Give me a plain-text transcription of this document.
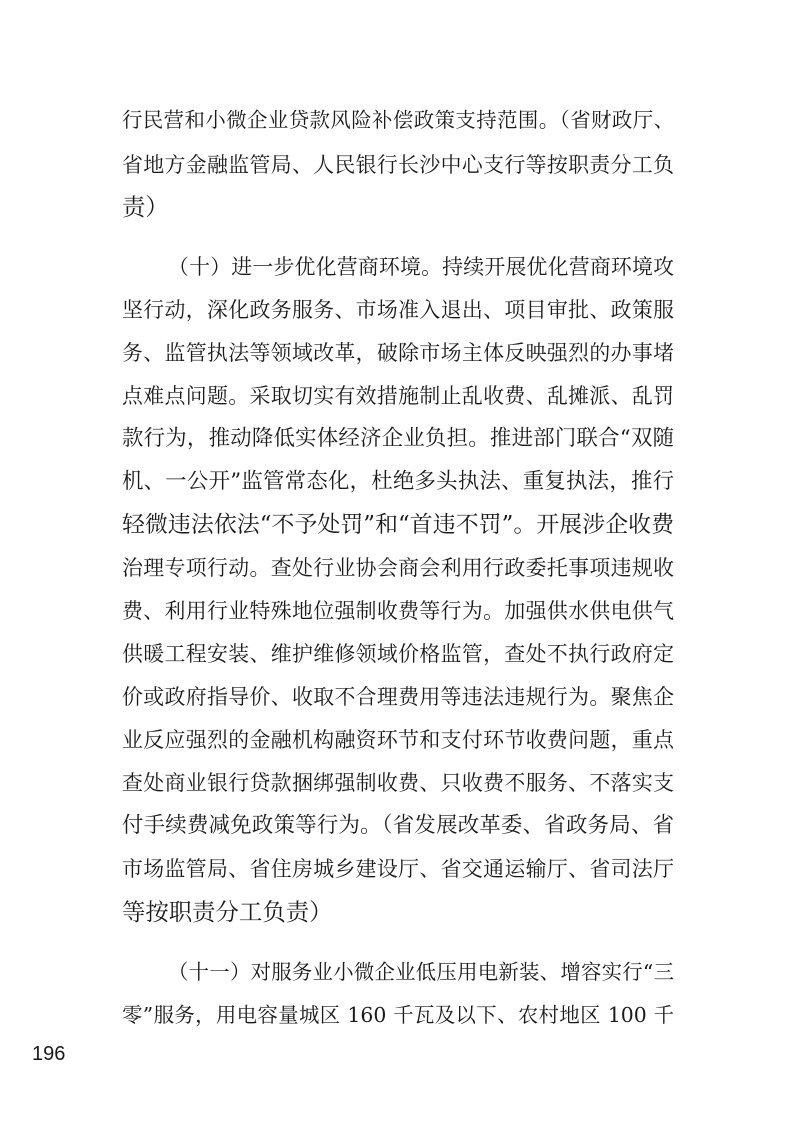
行民营和小微企业贷款风险补偿政策支持范围。（省财政厅、
省地方金融监管局、人民银行长沙中心支行等按职责分工负
责）
（十）进一步优化营商环境。持续开展优化营商环境攻
坚行动，深化政务服务、市场准入退出、项目审批、政策服
务、监管执法等领域改革，破除市场主体反映强烈的办事堵
点难点问题。采取切实有效措施制止乱收费、乱摊派、乱罚
款行为，推动降低实体经济企业负担。推进部门联合“双随
机、一公开”监管常态化，杜绝多头执法、重复执法，推行
轻微违法依法“不予处罚”和“首违不罚”。开展涉企收费
治理专项行动。查处行业协会商会利用行政委托事项违规收
费、利用行业特殊地位强制收费等行为。加强供水供电供气
供暖工程安装、维护维修领域价格监管，查处不执行政府定
价或政府指导价、收取不合理费用等违法违规行为。聚焦企
业反应强烈的金融机构融资环节和支付环节收费问题，重点
查处商业银行贷款捆绑强制收费、只收费不服务、不落实支
付手续费减免政策等行为。（省发展改革委、省政务局、省
市场监管局、省住房城乡建设厅、省交通运输厅、省司法厅
等按职责分工负责）
（十一）对服务业小微企业低压用电新装、增容实行“三
零”服务，用电容量城区 160 千瓦及以下、农村地区 100 千
196
